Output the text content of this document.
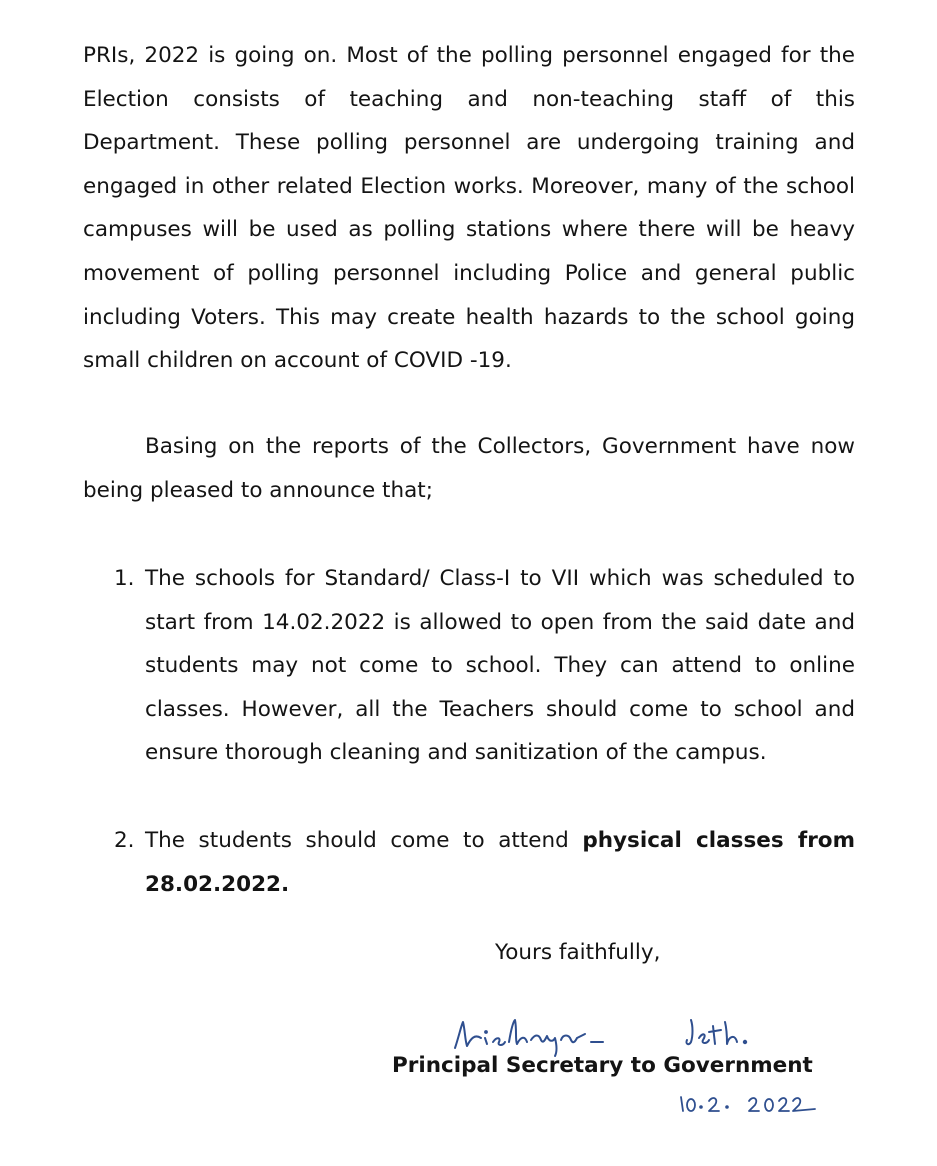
PRIs, 2022 is going on. Most of the polling personnel engaged for the Election consists of teaching and non-teaching staff of this Department. These polling personnel are undergoing training and engaged in other related Election works. Moreover, many of the school campuses will be used as polling stations where there will be heavy movement of polling personnel including Police and general public including Voters. This may create health hazards to the school going small children on account of COVID -19.

Basing on the reports of the Collectors, Government have now being pleased to announce that;

1. The schools for Standard/ Class-I to VII which was scheduled to start from 14.02.2022 is allowed to open from the said date and students may not come to school. They can attend to online classes. However, all the Teachers should come to school and ensure thorough cleaning and sanitization of the campus.
2. The students should come to attend physical classes from 28.02.2022.
Yours faithfully,
Principal Secretary to Government
